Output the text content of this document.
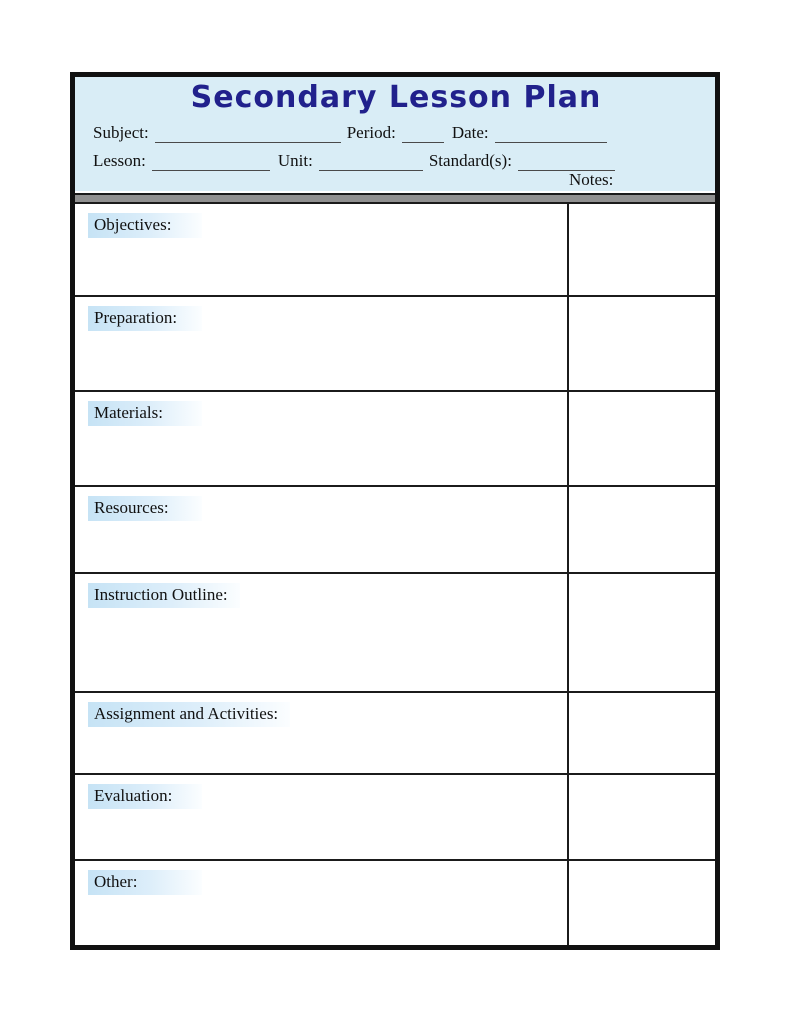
Secondary Lesson Plan
Subject:	Period:	Date:
Lesson:	Unit:	Standard(s):
Notes:
Objectives:
Preparation:
Materials:
Resources:
Instruction Outline:
Assignment and Activities:
Evaluation:
Other:
